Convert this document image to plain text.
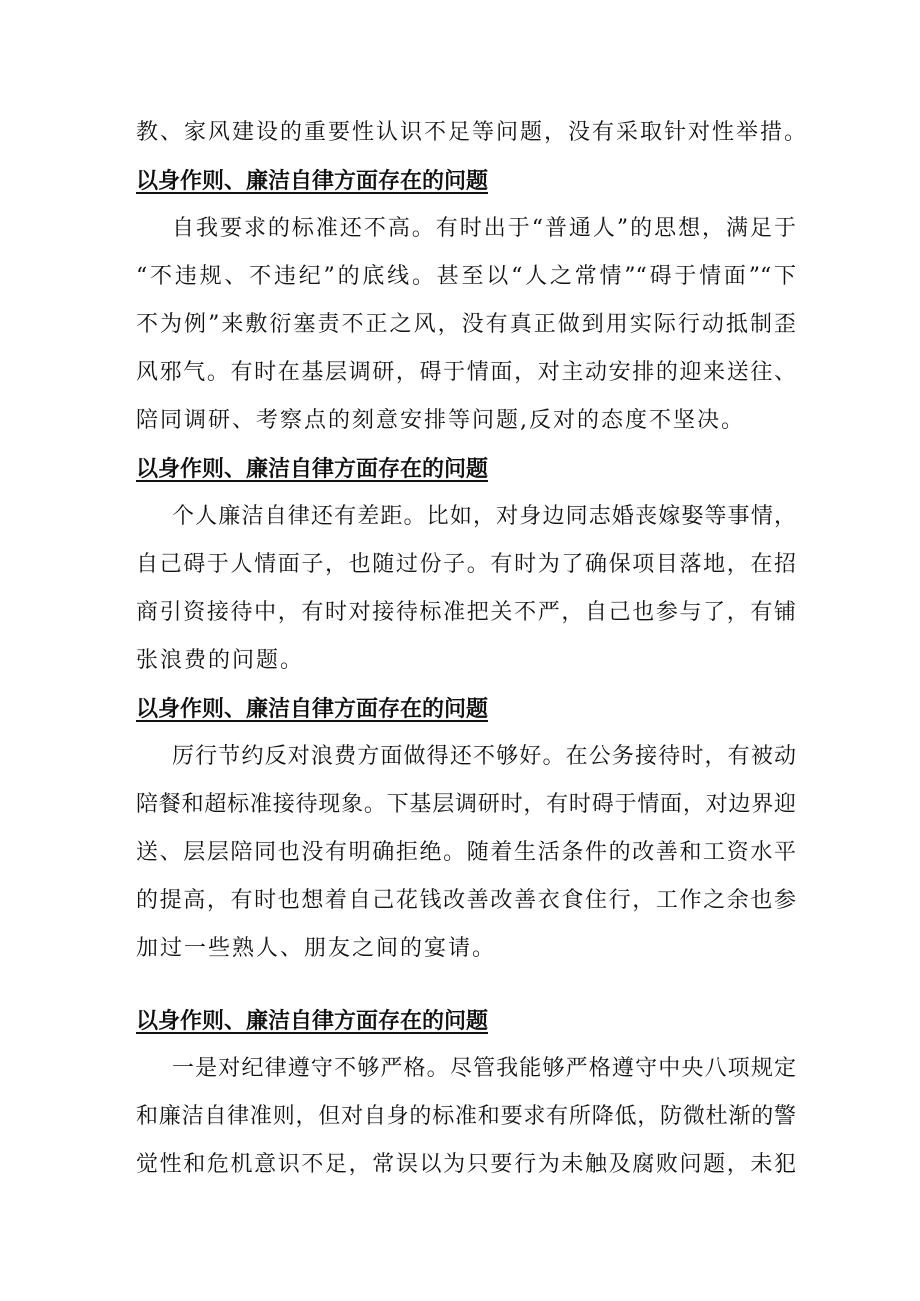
教、家风建设的重要性认识不足等问题，没有采取针对性举措。
以身作则、廉洁自律方面存在的问题
自我要求的标准还不高。有时出于“普通人”的思想，满足于
“不违规、不违纪”的底线。甚至以“人之常情”“碍于情面”“下
不为例”来敷衍塞责不正之风，没有真正做到用实际行动抵制歪
风邪气。有时在基层调研，碍于情面，对主动安排的迎来送往、
陪同调研、考察点的刻意安排等问题,反对的态度不坚决。
以身作则、廉洁自律方面存在的问题
个人廉洁自律还有差距。比如，对身边同志婚丧嫁娶等事情，
自己碍于人情面子，也随过份子。有时为了确保项目落地，在招
商引资接待中，有时对接待标准把关不严，自己也参与了，有铺
张浪费的问题。
以身作则、廉洁自律方面存在的问题
厉行节约反对浪费方面做得还不够好。在公务接待时，有被动
陪餐和超标准接待现象。下基层调研时，有时碍于情面，对边界迎
送、层层陪同也没有明确拒绝。随着生活条件的改善和工资水平
的提高，有时也想着自己花钱改善改善衣食住行，工作之余也参
加过一些熟人、朋友之间的宴请。
以身作则、廉洁自律方面存在的问题
一是对纪律遵守不够严格。尽管我能够严格遵守中央八项规定
和廉洁自律准则，但对自身的标准和要求有所降低，防微杜渐的警
觉性和危机意识不足，常误以为只要行为未触及腐败问题，未犯
